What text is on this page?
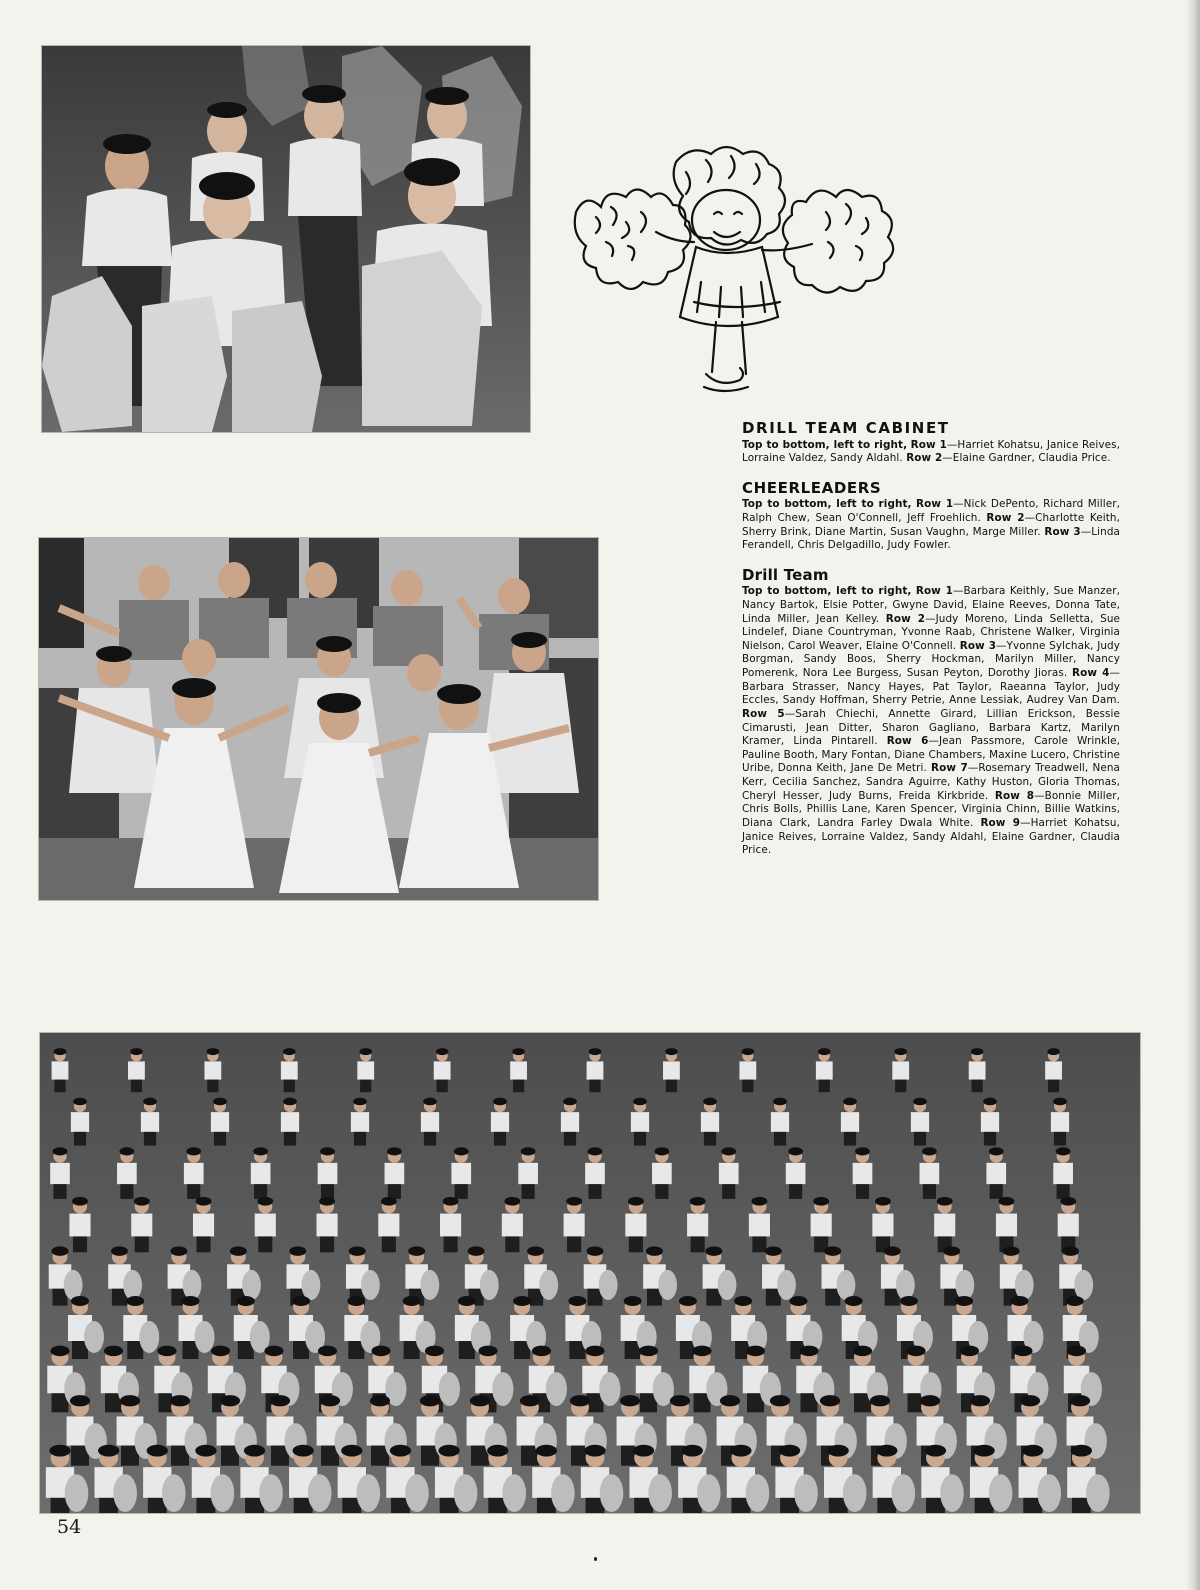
DRILL TEAM CABINET

Top to bottom, left to right, Row 1—Harriet Kohatsu, Janice Reives, Lorraine Valdez, Sandy Aldahl. Row 2—Elaine Gardner, Claudia Price.

CHEERLEADERS

Top to bottom, left to right, Row 1—Nick DePento, Richard Miller, Ralph Chew, Sean O'Connell, Jeff Froehlich. Row 2—Charlotte Keith, Sherry Brink, Diane Martin, Susan Vaughn, Marge Miller. Row 3—Linda Ferandell, Chris Delgadillo, Judy Fowler.

Drill Team

Top to bottom, left to right, Row 1—Barbara Keithly, Sue Manzer, Nancy Bartok, Elsie Potter, Gwyne David, Elaine Reeves, Donna Tate, Linda Miller, Jean Kelley. Row 2—Judy Moreno, Linda Selletta, Sue Lindelef, Diane Countryman, Yvonne Raab, Christene Walker, Virginia Nielson, Carol Weaver, Elaine O'Connell. Row 3—Yvonne Sylchak, Judy Borgman, Sandy Boos, Sherry Hockman, Marilyn Miller, Nancy Pomerenk, Nora Lee Burgess, Susan Peyton, Dorothy Jioras. Row 4—Barbara Strasser, Nancy Hayes, Pat Taylor, Raeanna Taylor, Judy Eccles, Sandy Hoffman, Sherry Petrie, Anne Lessiak, Audrey Van Dam. Row 5—Sarah Chiechi, Annette Girard, Lillian Erickson, Bessie Cimarusti, Jean Ditter, Sharon Gagliano, Barbara Kartz, Marilyn Kramer, Linda Pintarell. Row 6—Jean Passmore, Carole Wrinkle, Pauline Booth, Mary Fontan, Diane Chambers, Maxine Lucero, Christine Uribe, Donna Keith, Jane De Metri. Row 7—Rosemary Treadwell, Nena Kerr, Cecilia Sanchez, Sandra Aguirre, Kathy Huston, Gloria Thomas, Cheryl Hesser, Judy Burns, Freida Kirkbride. Row 8—Bonnie Miller, Chris Bolls, Phillis Lane, Karen Spencer, Virginia Chinn, Billie Watkins, Diana Clark, Landra Farley Dwala White. Row 9—Harriet Kohatsu, Janice Reives, Lorraine Valdez, Sandy Aldahl, Elaine Gardner, Claudia Price.

54
